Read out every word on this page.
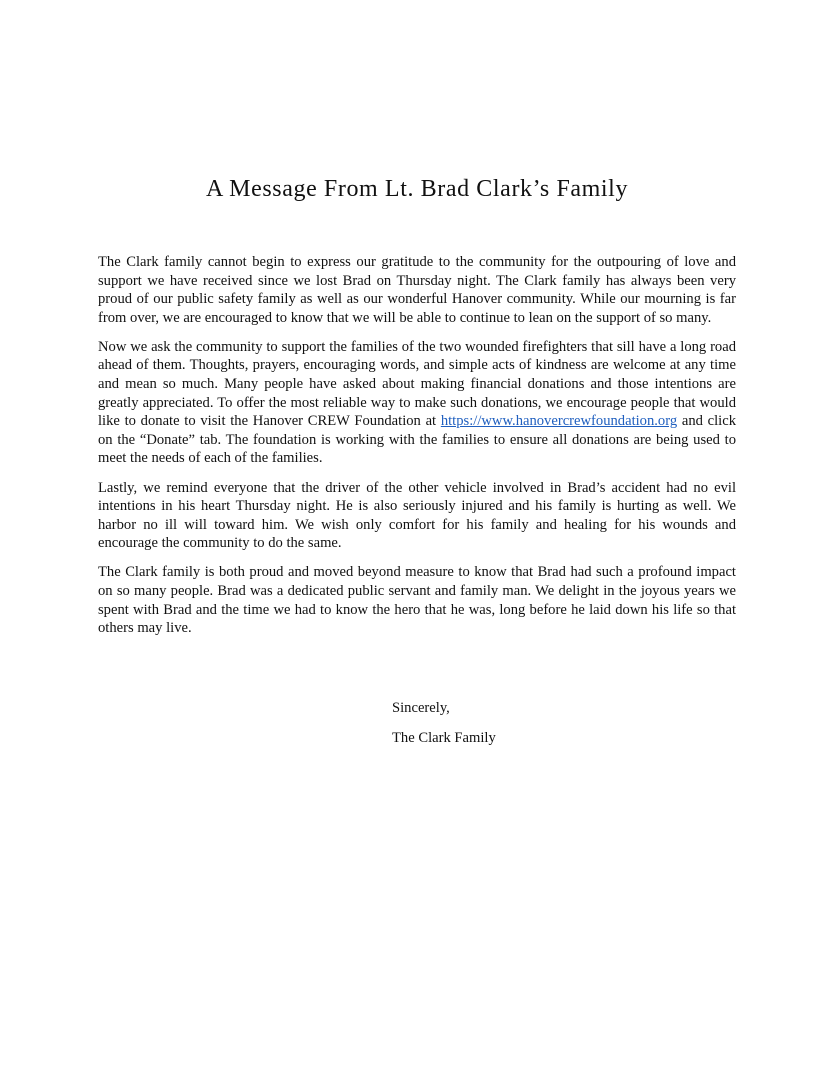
A Message From Lt. Brad Clark’s Family

The Clark family cannot begin to express our gratitude to the community for the outpouring of love and support we have received since we lost Brad on Thursday night. The Clark family has always been very proud of our public safety family as well as our wonderful Hanover community. While our mourning is far from over, we are encouraged to know that we will be able to continue to lean on the support of so many.

Now we ask the community to support the families of the two wounded firefighters that sill have a long road ahead of them. Thoughts, prayers, encouraging words, and simple acts of kindness are welcome at any time and mean so much. Many people have asked about making financial donations and those intentions are greatly appreciated. To offer the most reliable way to make such donations, we encourage people that would like to donate to visit the Hanover CREW Foundation at https://www.hanovercrewfoundation.org and click on the “Donate” tab. The foundation is working with the families to ensure all donations are being used to meet the needs of each of the families.

Lastly, we remind everyone that the driver of the other vehicle involved in Brad’s accident had no evil intentions in his heart Thursday night. He is also seriously injured and his family is hurting as well. We harbor no ill will toward him. We wish only comfort for his family and healing for his wounds and encourage the community to do the same.

The Clark family is both proud and moved beyond measure to know that Brad had such a profound impact on so many people. Brad was a dedicated public servant and family man. We delight in the joyous years we spent with Brad and the time we had to know the hero that he was, long before he laid down his life so that others may live.

Sincerely,
The Clark Family
